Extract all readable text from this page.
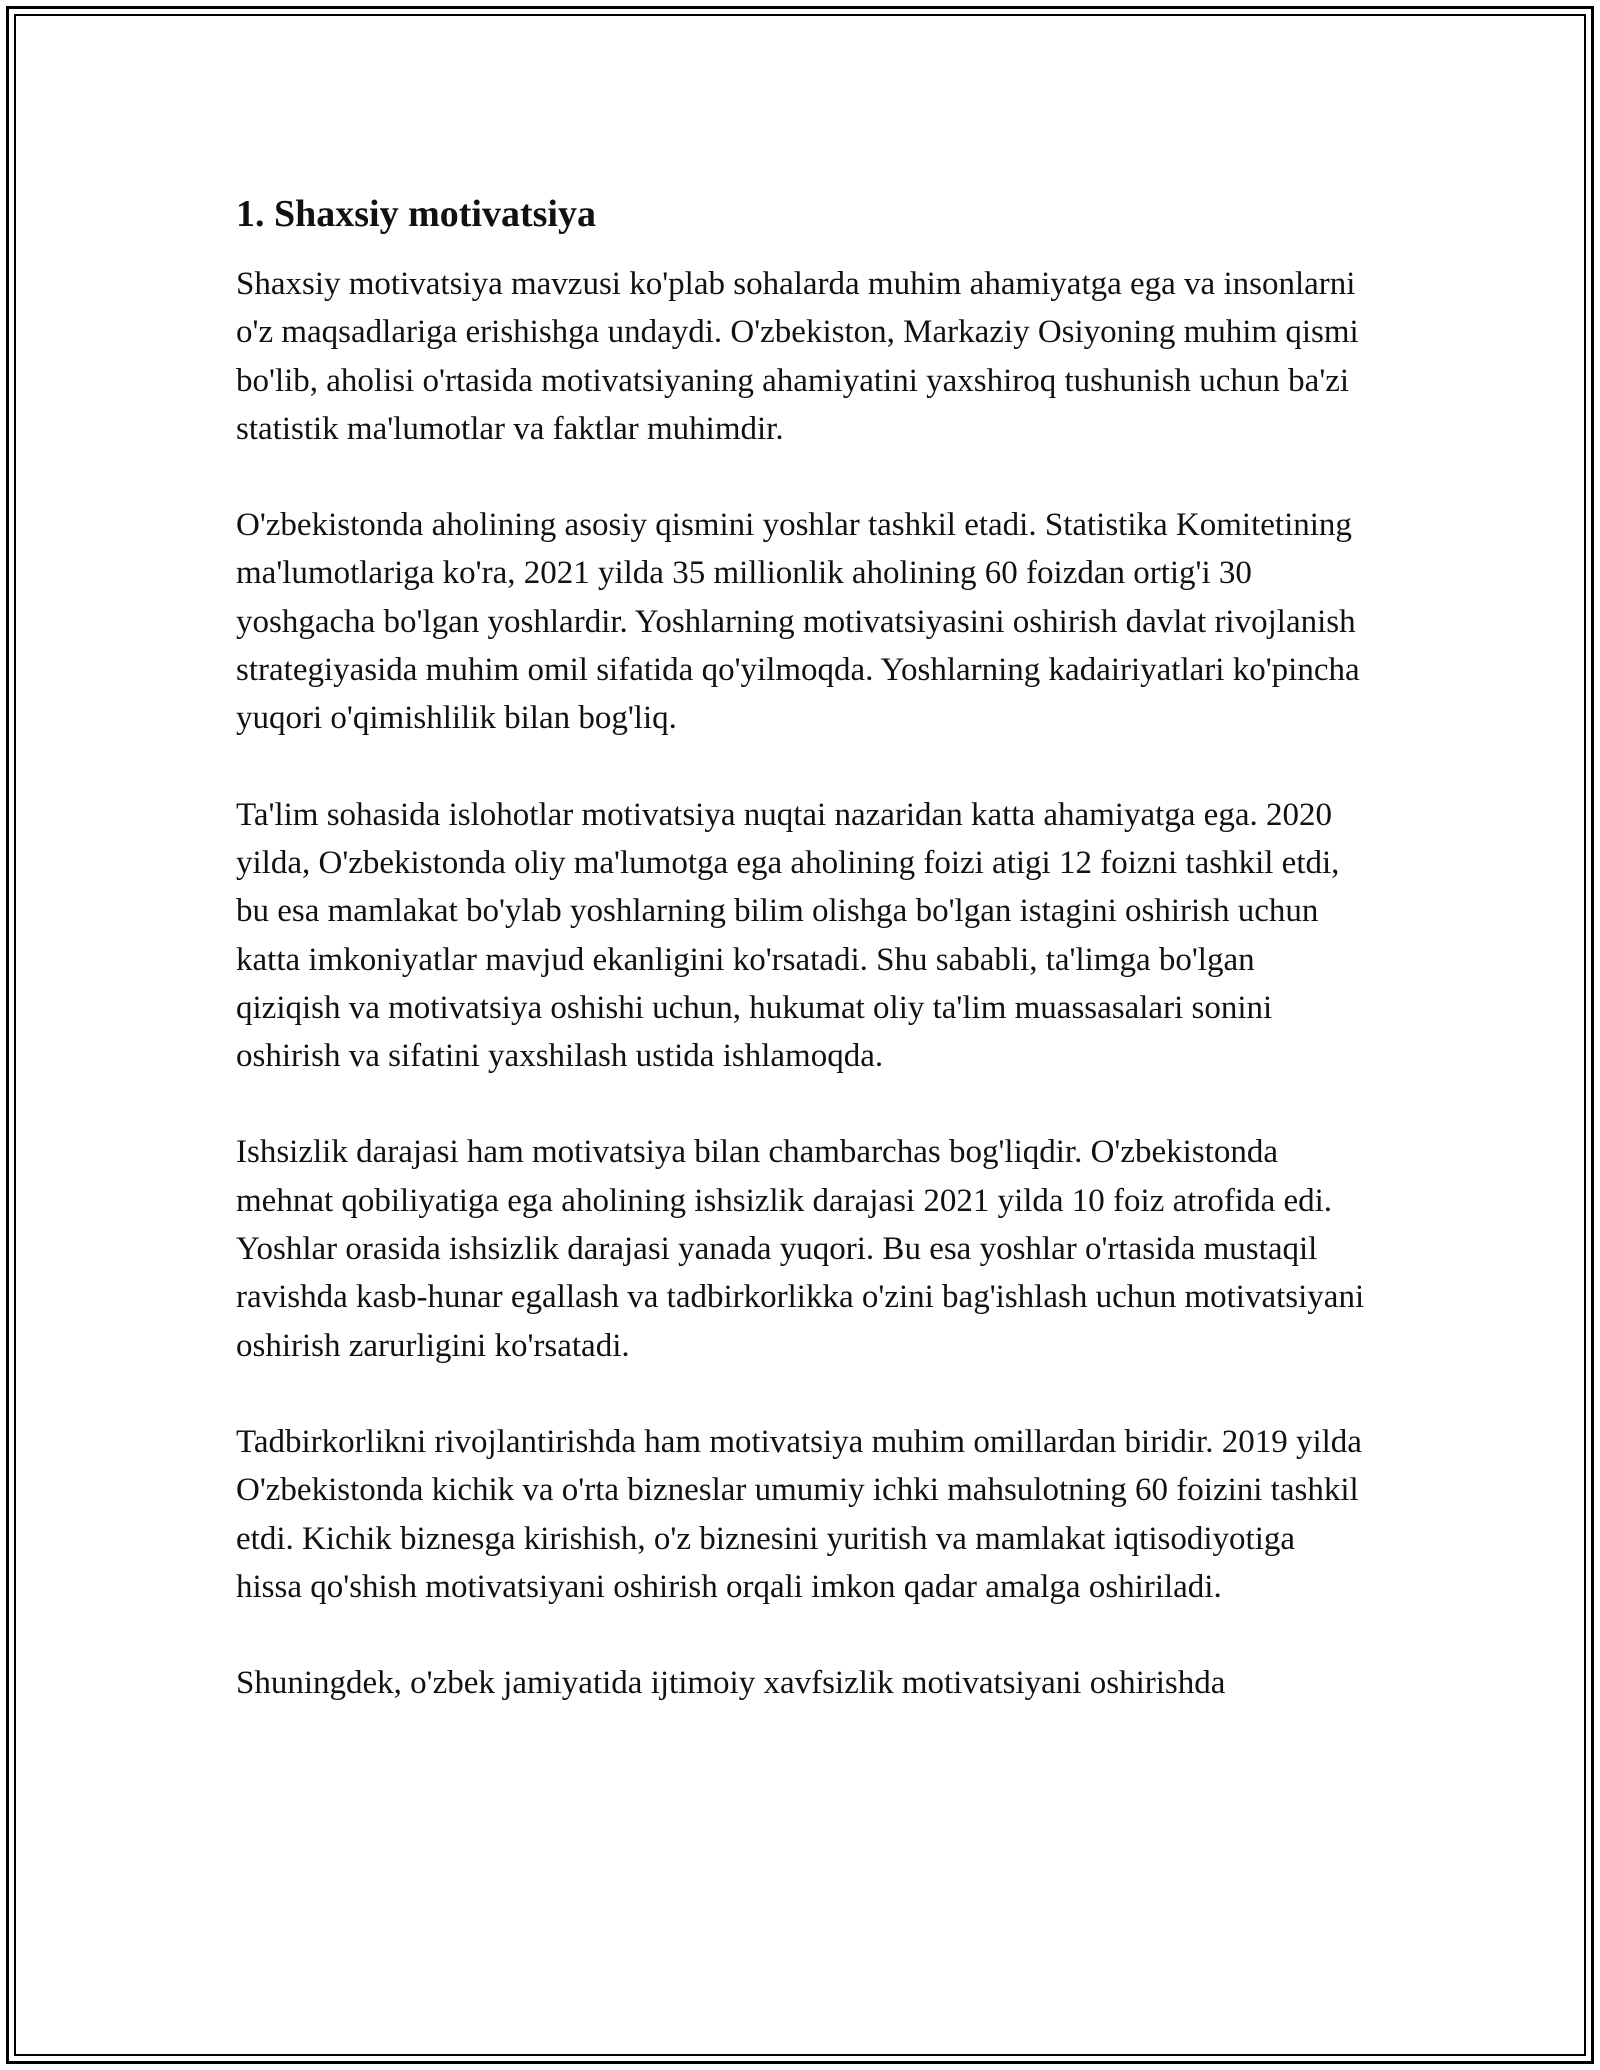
1. Shaxsiy motivatsiya

Shaxsiy motivatsiya mavzusi ko'plab sohalarda muhim ahamiyatga ega va insonlarni o'z maqsadlariga erishishga undaydi. O'zbekiston, Markaziy Osiyoning muhim qismi bo'lib, aholisi o'rtasida motivatsiyaning ahamiyatini yaxshiroq tushunish uchun ba'zi statistik ma'lumotlar va faktlar muhimdir.

O'zbekistonda aholining asosiy qismini yoshlar tashkil etadi. Statistika Komitetining ma'lumotlariga ko'ra, 2021 yilda 35 millionlik aholining 60 foizdan ortig'i 30 yoshgacha bo'lgan yoshlardir. Yoshlarning motivatsiyasini oshirish davlat rivojlanish strategiyasida muhim omil sifatida qo'yilmoqda. Yoshlarning kadairiyatlari ko'pincha yuqori o'qimishlilik bilan bog'liq.

Ta'lim sohasida islohotlar motivatsiya nuqtai nazaridan katta ahamiyatga ega. 2020 yilda, O'zbekistonda oliy ma'lumotga ega aholining foizi atigi 12 foizni tashkil etdi, bu esa mamlakat bo'ylab yoshlarning bilim olishga bo'lgan istagini oshirish uchun katta imkoniyatlar mavjud ekanligini ko'rsatadi. Shu sababli, ta'limga bo'lgan qiziqish va motivatsiya oshishi uchun, hukumat oliy ta'lim muassasalari sonini oshirish va sifatini yaxshilash ustida ishlamoqda.

Ishsizlik darajasi ham motivatsiya bilan chambarchas bog'liqdir. O'zbekistonda mehnat qobiliyatiga ega aholining ishsizlik darajasi 2021 yilda 10 foiz atrofida edi. Yoshlar orasida ishsizlik darajasi yanada yuqori. Bu esa yoshlar o'rtasida mustaqil ravishda kasb-hunar egallash va tadbirkorlikka o'zini bag'ishlash uchun motivatsiyani oshirish zarurligini ko'rsatadi.

Tadbirkorlikni rivojlantirishda ham motivatsiya muhim omillardan biridir. 2019 yilda O'zbekistonda kichik va o'rta bizneslar umumiy ichki mahsulotning 60 foizini tashkil etdi. Kichik biznesga kirishish, o'z biznesini yuritish va mamlakat iqtisodiyotiga hissa qo'shish motivatsiyani oshirish orqali imkon qadar amalga oshiriladi.

Shuningdek, o'zbek jamiyatida ijtimoiy xavfsizlik motivatsiyani oshirishda
